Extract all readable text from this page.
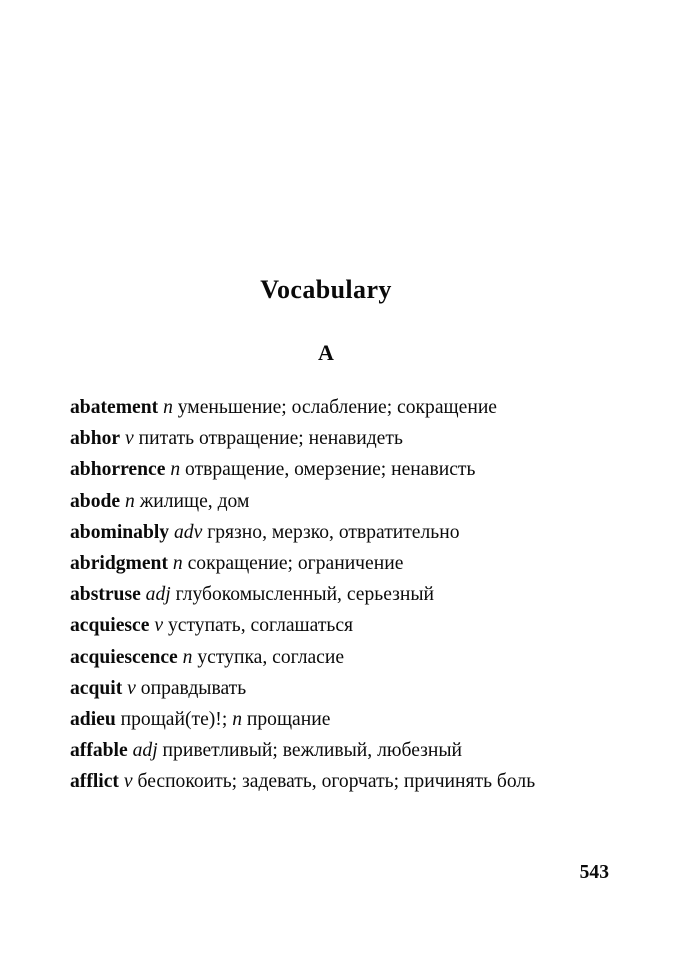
Vocabulary
A

abatement n уменьшение; ослабление; сокращение

abhor v питать отвращение; ненавидеть

abhorrence n отвращение, омерзение; ненависть

abode n жилище, дом

abominably adv грязно, мерзко, отвратительно

abridgment n сокращение; ограничение

abstruse adj глубокомысленный, серьезный

acquiesce v уступать, соглашаться

acquiescence n уступка, согласие

acquit v оправдывать

adieu прощай(те)!; n прощание

affable adj приветливый; вежливый, любезный

afflict v беспокоить; задевать, огорчать; причинять боль

543
